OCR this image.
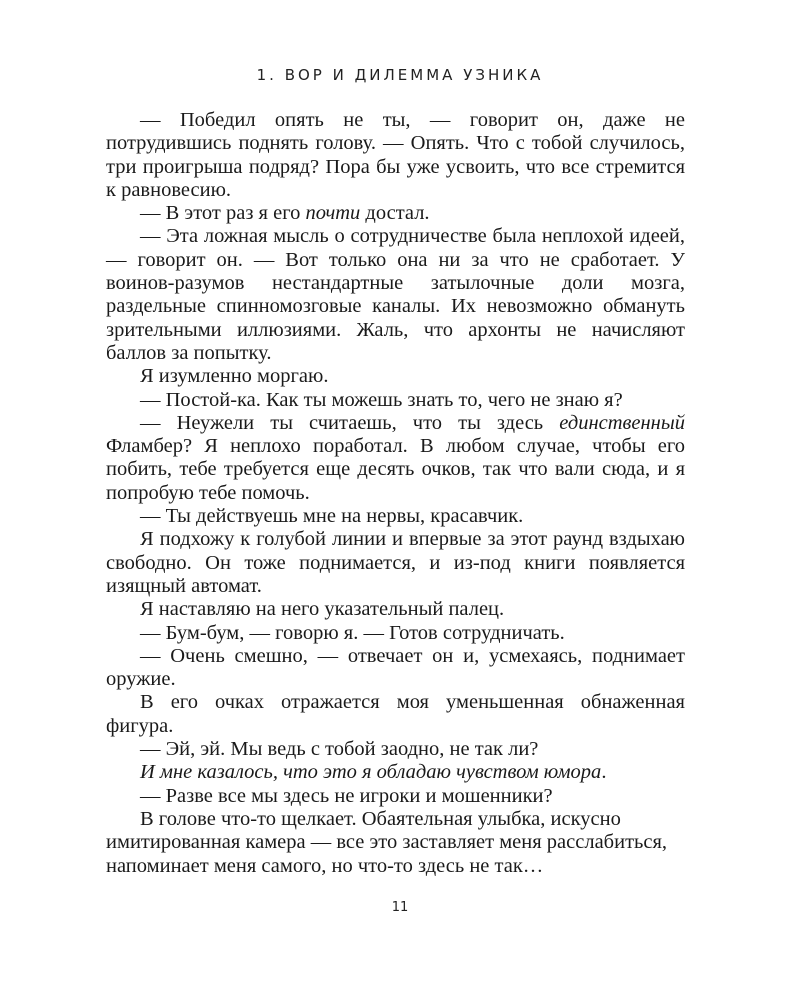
1. ВОР И ДИЛЕММА УЗНИКА

— Победил опять не ты, — говорит он, даже не потрудившись поднять голову. — Опять. Что с тобой случилось, три проигрыша подряд? Пора бы уже усвоить, что все стремится к равновесию.

— В этот раз я его почти достал.

— Эта ложная мысль о сотрудничестве была неплохой идеей, — говорит он. — Вот только она ни за что не сработает. У воинов-разумов нестандартные затылочные доли мозга, раздельные спинномозговые каналы. Их невозможно обмануть зрительными иллюзиями. Жаль, что архонты не начисляют баллов за попытку.

Я изумленно моргаю.

— Постой-ка. Как ты можешь знать то, чего не знаю я?

— Неужели ты считаешь, что ты здесь единственный Фламбер? Я неплохо поработал. В любом случае, чтобы его побить, тебе требуется еще десять очков, так что вали сюда, и я попробую тебе помочь.

— Ты действуешь мне на нервы, красавчик.

Я подхожу к голубой линии и впервые за этот раунд вздыхаю свободно. Он тоже поднимается, и из-под книги появляется изящный автомат.

Я наставляю на него указательный палец.

— Бум-бум, — говорю я. — Готов сотрудничать.

— Очень смешно, — отвечает он и, усмехаясь, поднимает оружие.

В его очках отражается моя уменьшенная обнаженная фигура.

— Эй, эй. Мы ведь с тобой заодно, не так ли?

И мне казалось, что это я обладаю чувством юмора.

— Разве все мы здесь не игроки и мошенники?

В голове что-то щелкает. Обаятельная улыбка, искусно имитированная камера — все это заставляет меня расслабиться, напоминает меня самого, но что-то здесь не так…

11
